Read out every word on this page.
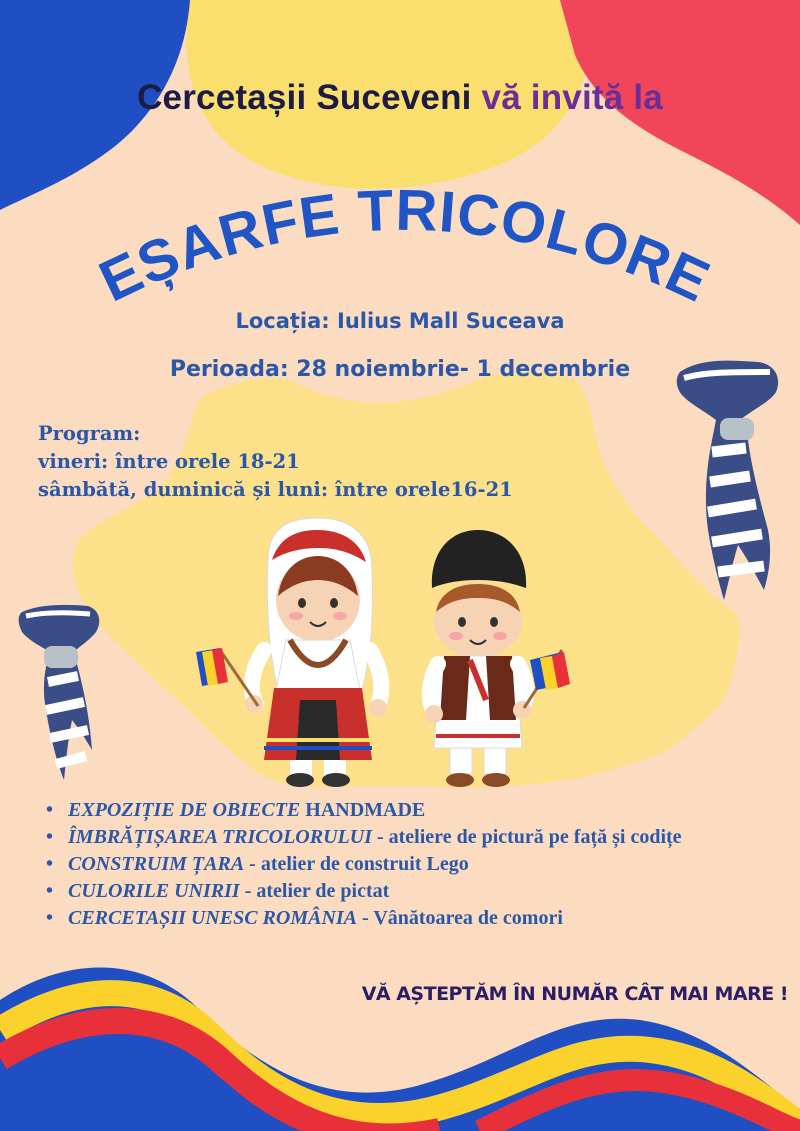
Cercetașii Suceveni vă invită la
EȘARFE TRICOLORE
Locația: Iulius Mall Suceava
Perioada: 28 noiembrie- 1 decembrie
Program:
vineri: între orele 18-21
sâmbătă, duminică și luni: între orele16-21
• EXPOZIȚIE DE OBIECTE HANDMADE
• ÎMBRĂȚIȘAREA TRICOLORULUI - ateliere de pictură pe față și codițe
• CONSTRUIM ȚARA - atelier de construit Lego
• CULORILE UNIRII - atelier de pictat
• CERCETAȘII UNESC ROMÂNIA - Vânătoarea de comori
VĂ AȘTEPTĂM ÎN NUMĂR CÂT MAI MARE !
